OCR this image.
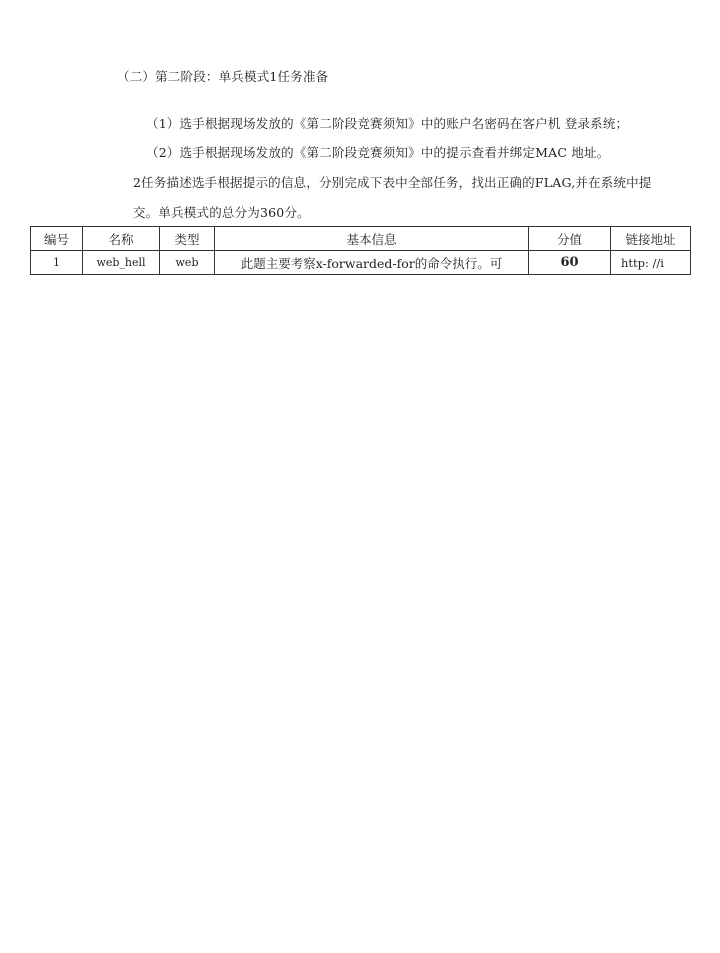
（二）第二阶段：单兵模式1任务准备
（1）选手根据现场发放的《第二阶段竞赛须知》中的账户名密码在客户机 登录系统；
（2）选手根据现场发放的《第二阶段竞赛须知》中的提示查看并绑定MAC 地址。
2任务描述选手根据提示的信息，分别完成下表中全部任务，找出正确的FLAG,并在系统中提
交。单兵模式的总分为360分。
编号	名称	类型	基本信息	分值	链接地址
1	web_hell	web	此题主要考察x-forwarded-for的命令执行。可	60	http: //i
